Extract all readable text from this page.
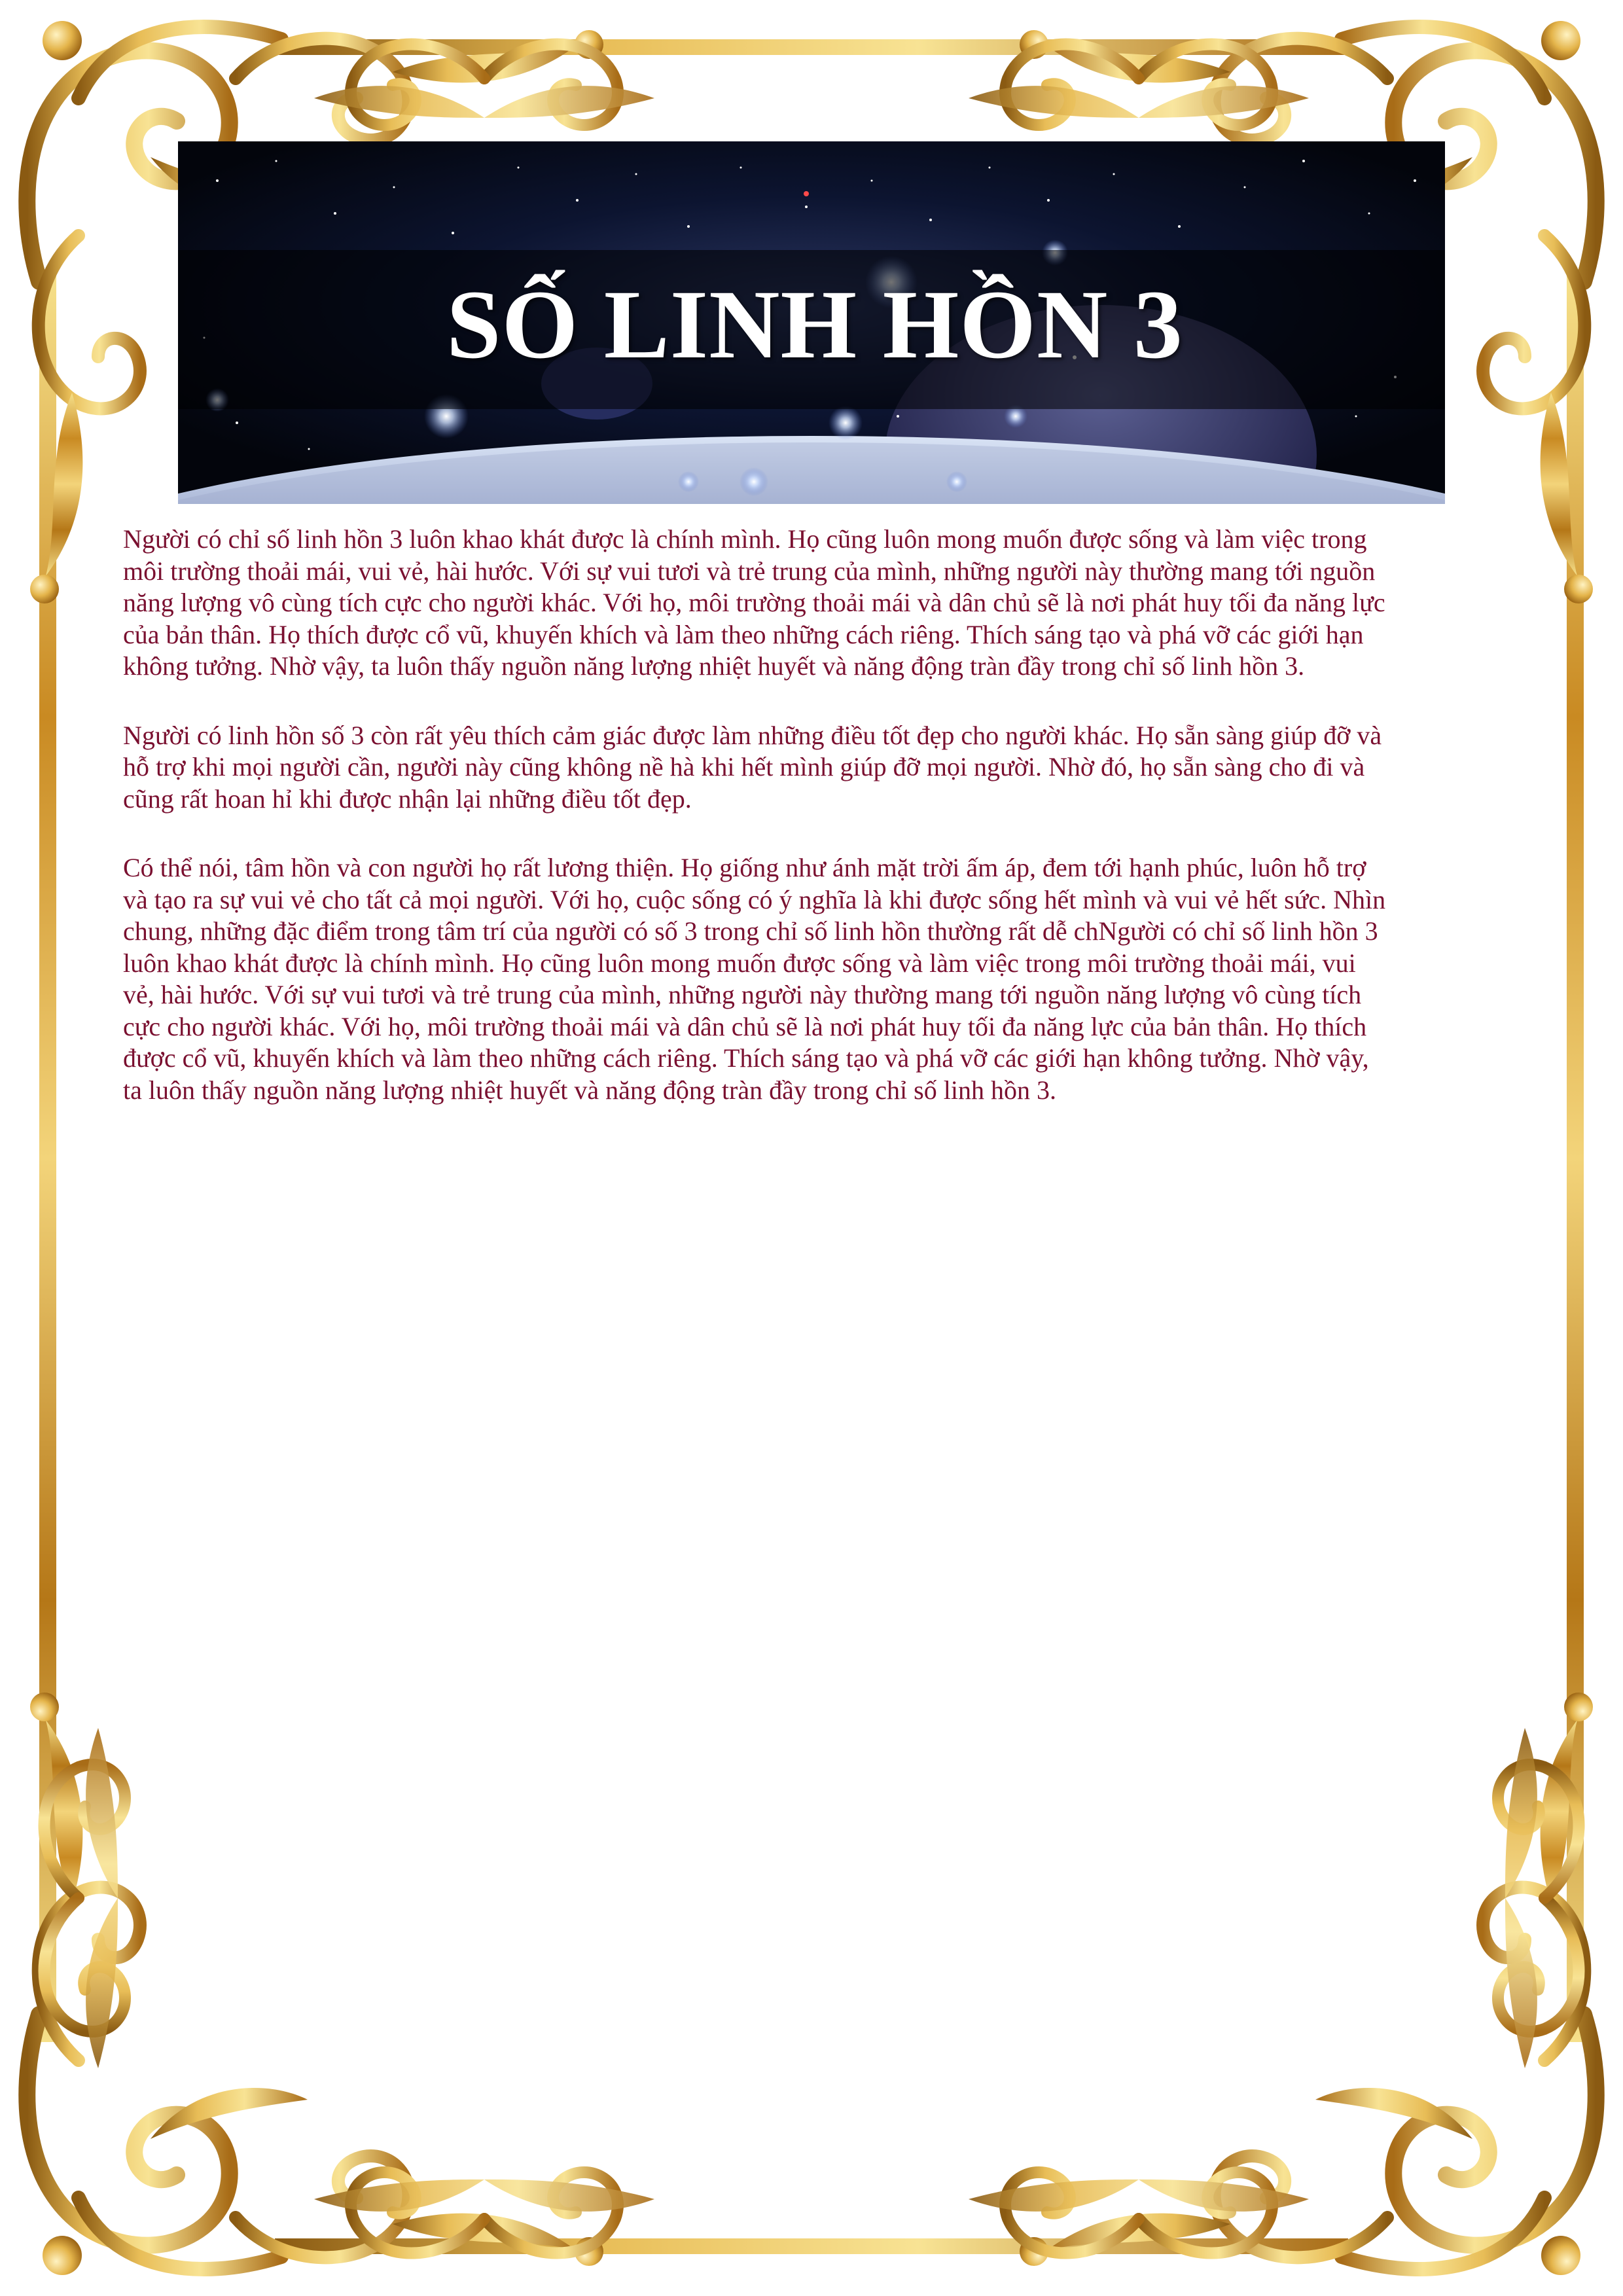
SỐ LINH HỒN 3

Người có chỉ số linh hồn 3 luôn khao khát được là chính mình. Họ cũng luôn mong muốn được sống và làm việc trong môi trường thoải mái, vui vẻ, hài hước. Với sự vui tươi và trẻ trung của mình, những người này thường mang tới nguồn năng lượng vô cùng tích cực cho người khác. Với họ, môi trường thoải mái và dân chủ sẽ là nơi phát huy tối đa năng lực của bản thân. Họ thích được cổ vũ, khuyến khích và làm theo những cách riêng. Thích sáng tạo và phá vỡ các giới hạn không tưởng. Nhờ vậy, ta luôn thấy nguồn năng lượng nhiệt huyết và năng động tràn đầy trong chỉ số linh hồn 3.

Người có linh hồn số 3 còn rất yêu thích cảm giác được làm những điều tốt đẹp cho người khác. Họ sẵn sàng giúp đỡ và hỗ trợ khi mọi người cần, người này cũng không nề hà khi hết mình giúp đỡ mọi người. Nhờ đó, họ sẵn sàng cho đi và cũng rất hoan hỉ khi được nhận lại những điều tốt đẹp.

Có thể nói, tâm hồn và con người họ rất lương thiện. Họ giống như ánh mặt trời ấm áp, đem tới hạnh phúc, luôn hỗ trợ và tạo ra sự vui vẻ cho tất cả mọi người. Với họ, cuộc sống có ý nghĩa là khi được sống hết mình và vui vẻ hết sức. Nhìn chung, những đặc điểm trong tâm trí của người có số 3 trong chỉ số linh hồn thường rất dễ chNgười có chỉ số linh hồn 3 luôn khao khát được là chính mình. Họ cũng luôn mong muốn được sống và làm việc trong môi trường thoải mái, vui vẻ, hài hước. Với sự vui tươi và trẻ trung của mình, những người này thường mang tới nguồn năng lượng vô cùng tích cực cho người khác. Với họ, môi trường thoải mái và dân chủ sẽ là nơi phát huy tối đa năng lực của bản thân. Họ thích được cổ vũ, khuyến khích và làm theo những cách riêng. Thích sáng tạo và phá vỡ các giới hạn không tưởng. Nhờ vậy, ta luôn thấy nguồn năng lượng nhiệt huyết và năng động tràn đầy trong chỉ số linh hồn 3.
